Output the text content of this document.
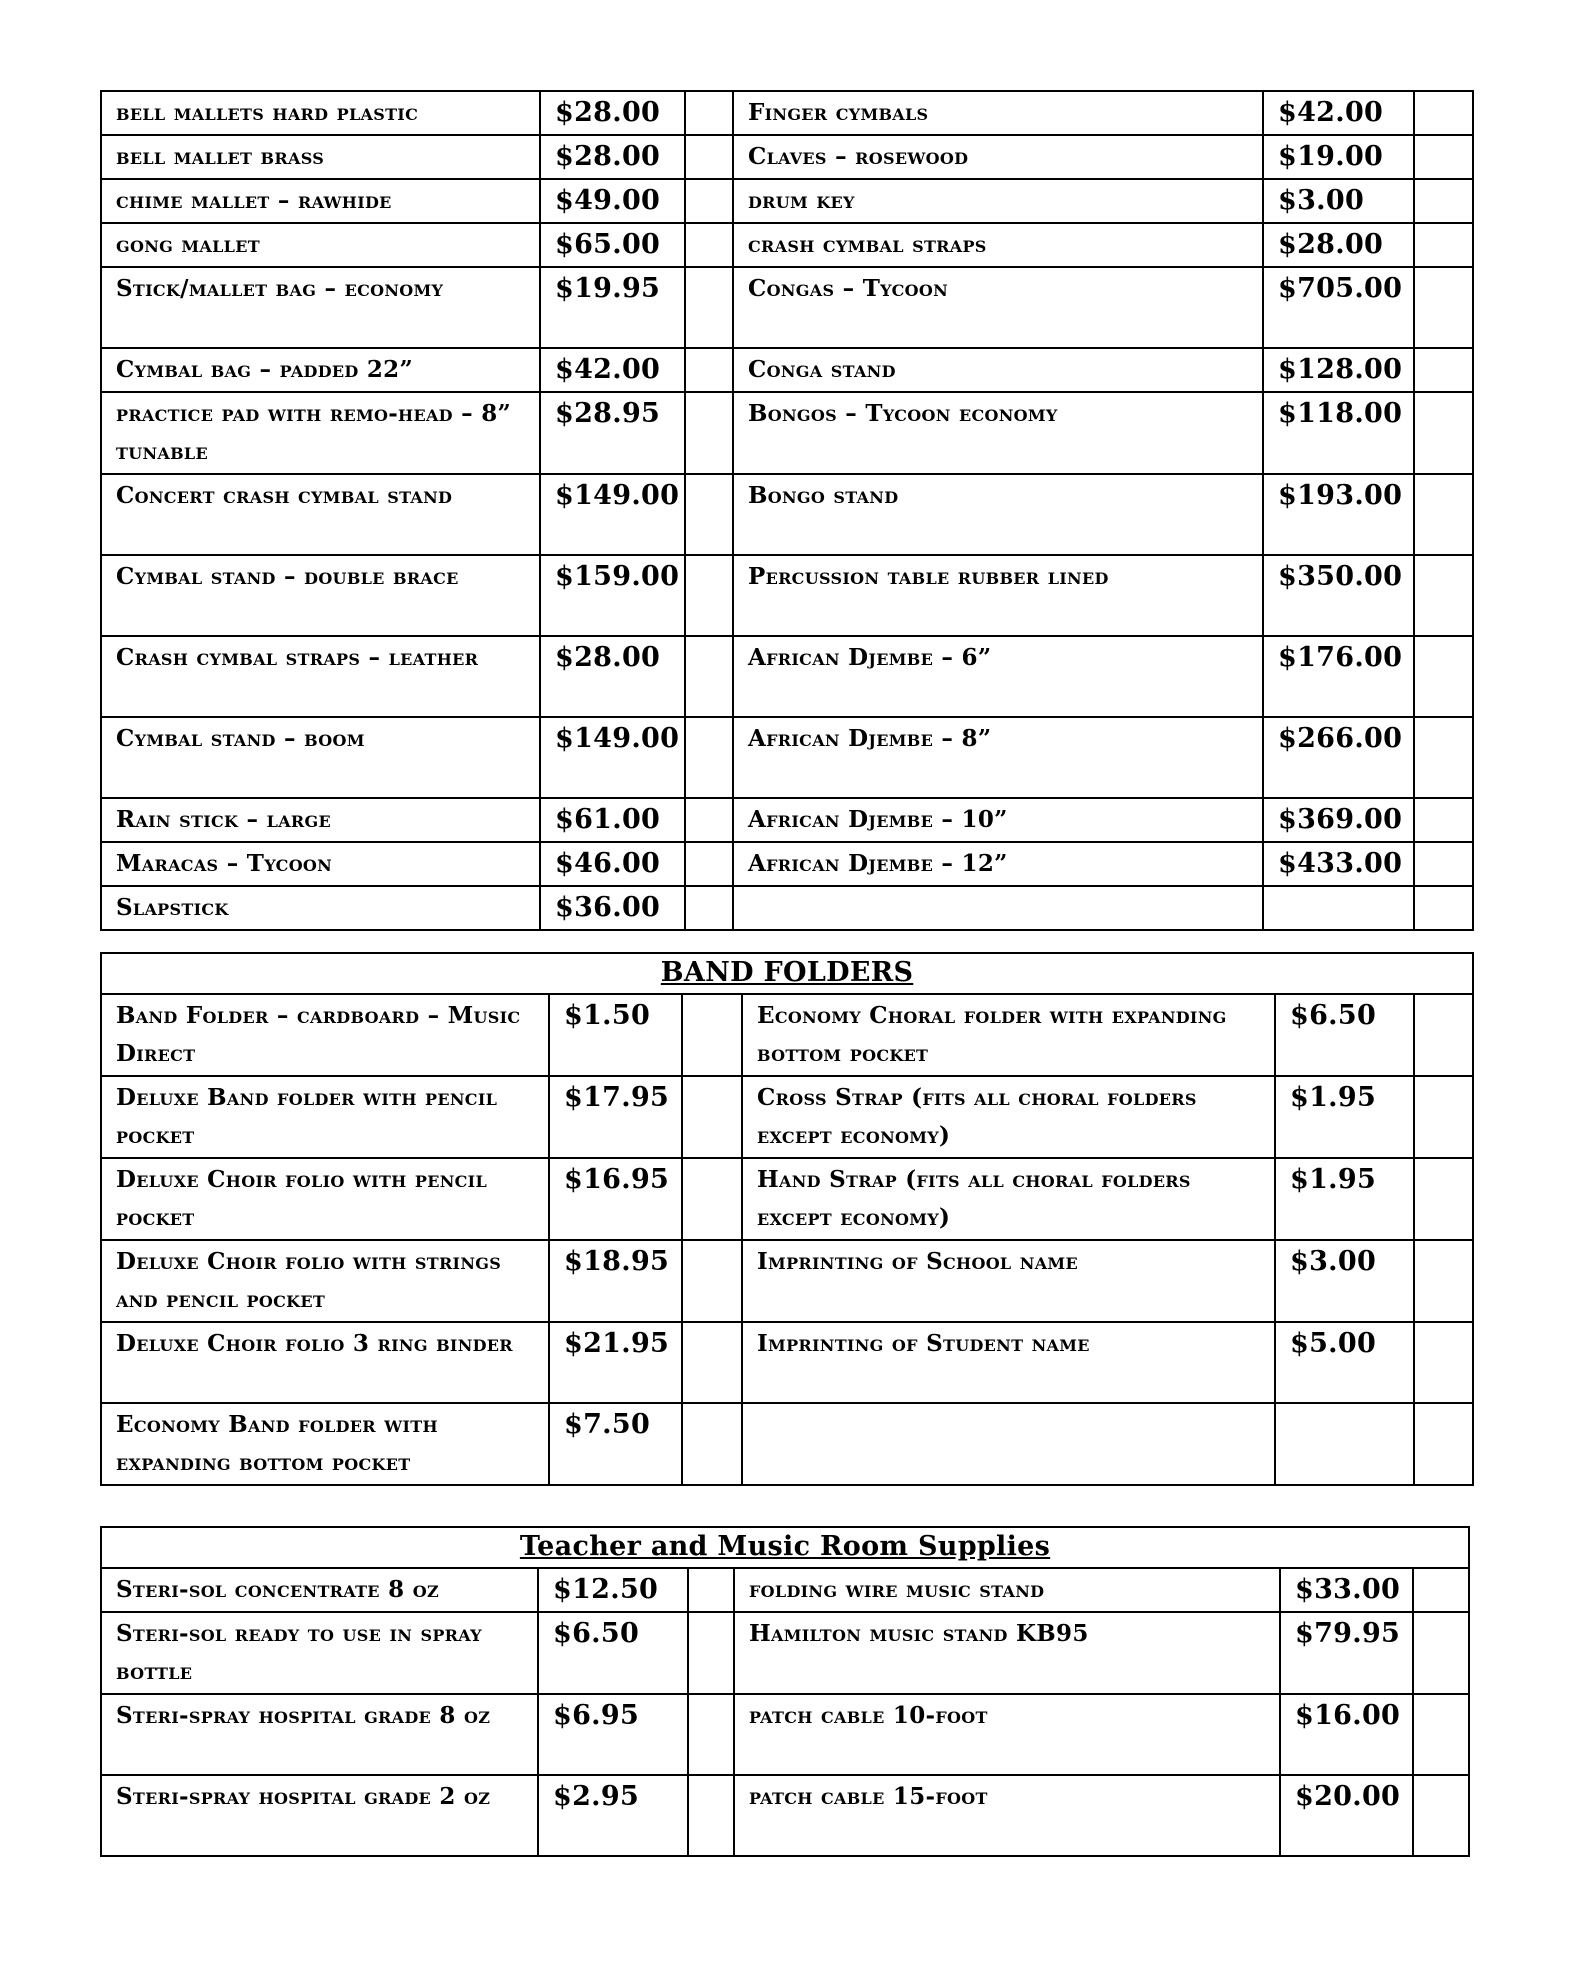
bell mallets hard plastic	$28.00		Finger cymbals	$42.00	
bell mallet brass	$28.00		Claves – rosewood	$19.00	
chime mallet – rawhide	$49.00		drum key	$3.00	
gong mallet	$65.00		crash cymbal straps	$28.00	
Stick/mallet bag – economy	$19.95		Congas – Tycoon	$705.00	
Cymbal bag – padded 22”	$42.00		Conga stand	$128.00	
practice pad with remo-head – 8” tunable	$28.95		Bongos – Tycoon economy	$118.00	
Concert crash cymbal stand	$149.00		Bongo stand	$193.00	
Cymbal stand – double brace	$159.00		Percussion table rubber lined	$350.00	
Crash cymbal straps – leather	$28.00		African Djembe – 6”	$176.00	
Cymbal stand – boom	$149.00		African Djembe – 8”	$266.00	
Rain stick – large	$61.00		African Djembe – 10”	$369.00	
Maracas – Tycoon	$46.00		African Djembe – 12”	$433.00	
Slapstick	$36.00				
BAND FOLDERS					
Band Folder – cardboard – Music Direct	$1.50		Economy Choral folder with expanding bottom pocket	$6.50	
Deluxe Band folder with pencil pocket	$17.95		Cross Strap (fits all choral folders except economy)	$1.95	
Deluxe Choir folio with pencil pocket	$16.95		Hand Strap (fits all choral folders except economy)	$1.95	
Deluxe Choir folio with strings and pencil pocket	$18.95		Imprinting of School name	$3.00	
Deluxe Choir folio 3 ring binder	$21.95		Imprinting of Student name	$5.00	
Economy Band folder with expanding bottom pocket	$7.50				
Teacher and Music Room Supplies					
Steri-sol concentrate 8 oz	$12.50		folding wire music stand	$33.00	
Steri-sol ready to use in spray bottle	$6.50		Hamilton music stand KB95	$79.95	
Steri-spray hospital grade 8 oz	$6.95		patch cable 10-foot	$16.00	
Steri-spray hospital grade 2 oz	$2.95		patch cable 15-foot	$20.00	
